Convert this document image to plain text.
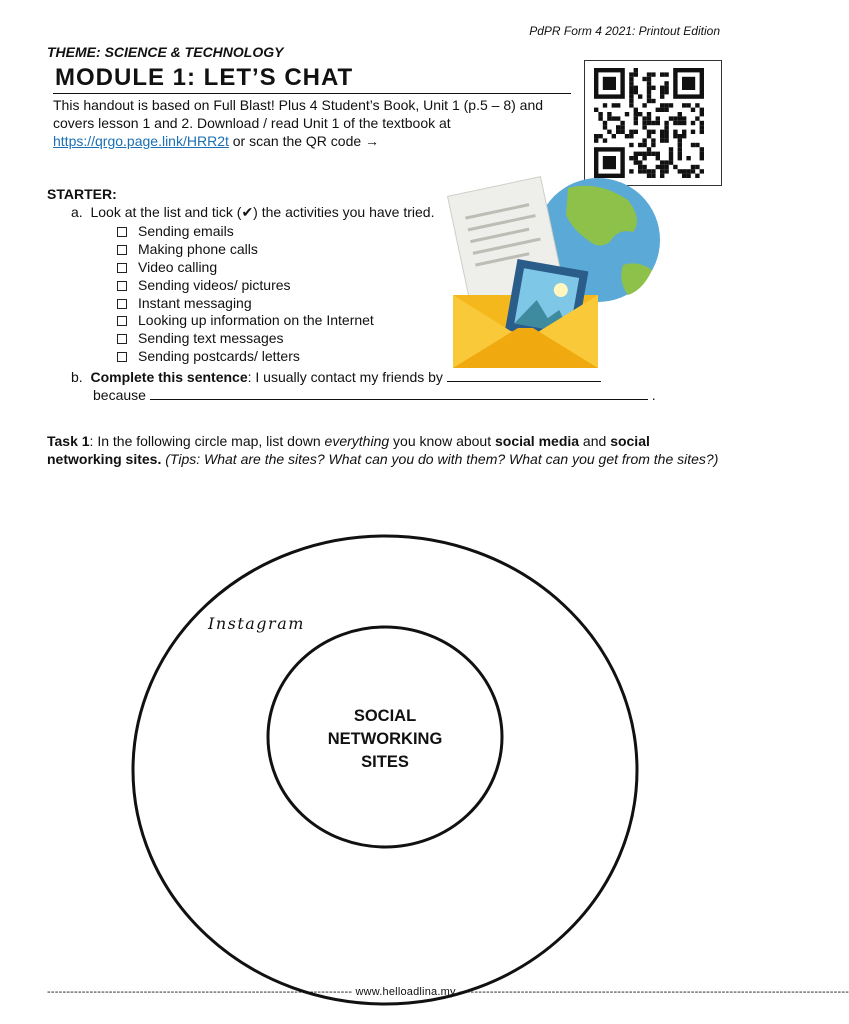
PdPR Form 4 2021: Printout Edition
THEME: SCIENCE & TECHNOLOGY
MODULE 1: LET’S CHAT
This handout is based on Full Blast! Plus 4 Student’s Book, Unit 1 (p.5 – 8) and covers lesson 1 and 2. Download / read Unit 1 of the textbook at https://qrgo.page.link/HRR2t or scan the QR code →
STARTER:
a. Look at the list and tick (✔) the activities you have tried.
Sending emails
Making phone calls
Video calling
Sending videos/ pictures
Instant messaging
Looking up information on the Internet
Sending text messages
Sending postcards/ letters
b. Complete this sentence: I usually contact my friends by
because	.
Task 1: In the following circle map, list down everything you know about social media and social networking sites. (Tips: What are the sites? What can you do with them? What can you get from the sites?)
Instagram
SOCIAL
NETWORKING
SITES
------------------------------------------------------------------------------- www.helloadlina.my -----------------------------------------------------------------------------------------------------
